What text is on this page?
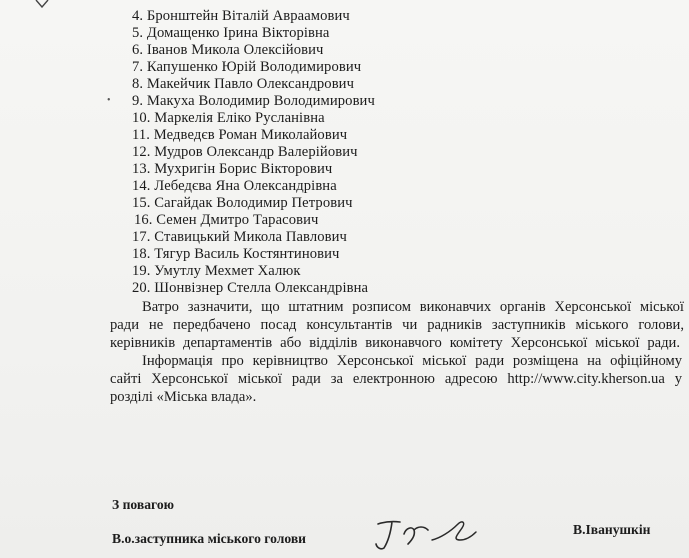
•
4. Бронштейн Віталій Авраамович
5. Домащенко Ірина Вікторівна
6. Іванов Микола Олексійович
7. Капушенко Юрій Володимирович
8. Макейчик Павло Олександрович
9. Макуха Володимир Володимирович
10. Маркелія Еліко Русланівна
11. Медведєв Роман Миколайович
12. Мудров Олександр Валерійович
13. Мухригін Борис Вікторович
14. Лебедєва Яна Олександрівна
15. Сагайдак Володимир Петрович
16. Семен Дмитро Тарасович
17. Ставицький Микола Павлович
18. Тягур Василь Костянтинович
19. Умутлу Мехмет Халюк
20. Шонвізнер Стелла Олександрівна
Ватро зазначити, що штатним розписом виконавчих органів Херсонської міської
ради не передбачено посад консультантів чи радників заступників міського голови,
керівників департаментів або відділів виконавчого комітету Херсонської міської ради.
Інформація про керівництво Херсонської міської ради розміщена на офіційному
сайті Херсонської міської ради за електронною адресою http://www.city.kherson.ua у
розділі «Міська влада».
З повагою
В.о.заступника міського голови
В.Іванушкін
